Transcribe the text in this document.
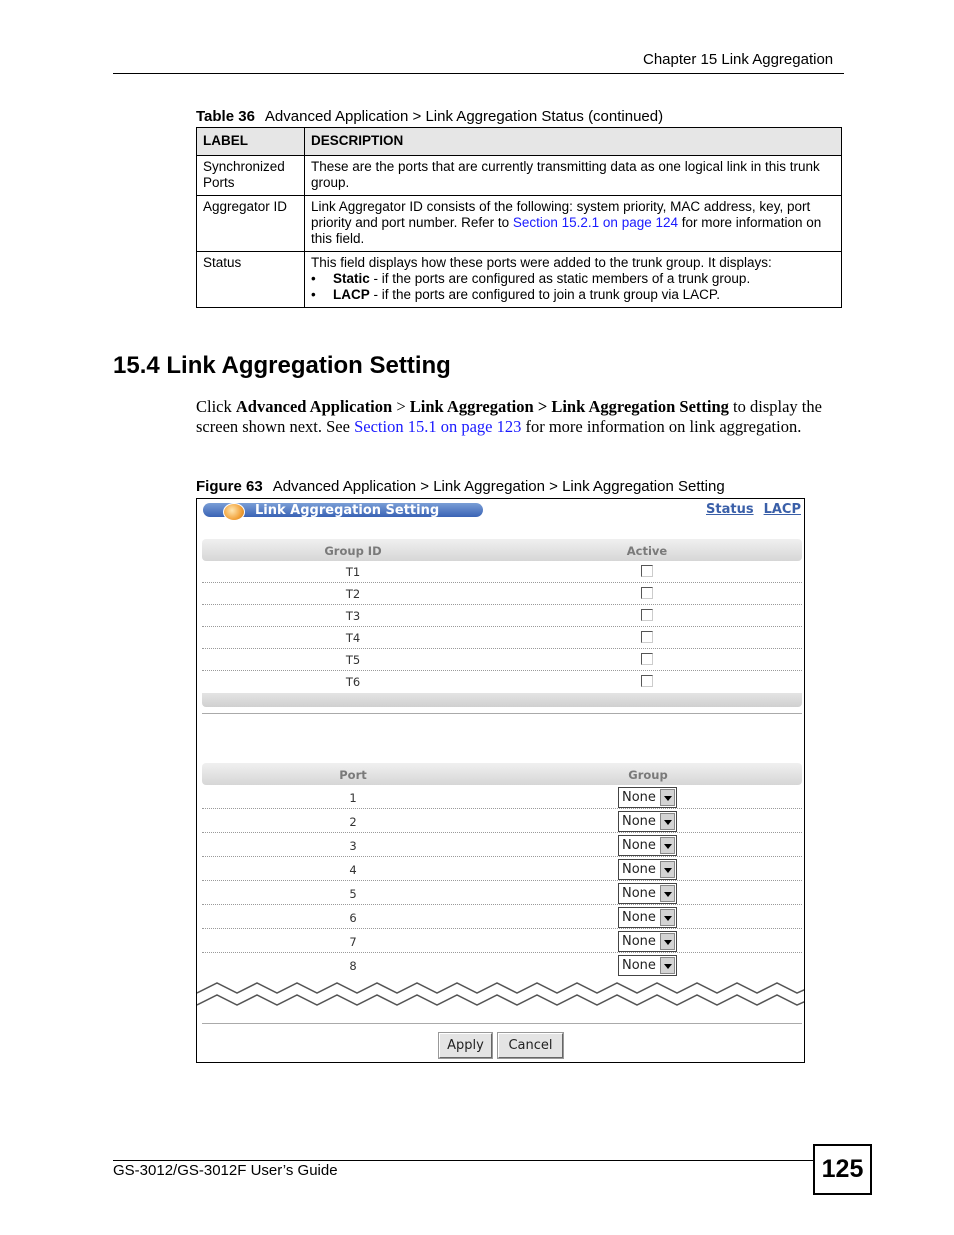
Chapter 15 Link Aggregation
Table 36 Advanced Application > Link Aggregation Status (continued)
LABEL	DESCRIPTION
Synchronized Ports	These are the ports that are currently transmitting data as one logical link in this trunk group.
Aggregator ID	Link Aggregator ID consists of the following: system priority, MAC address, key, port priority and port number. Refer to Section 15.2.1 on page 124 for more information on this field.
Status	This field displays how these ports were added to the trunk group. It displays:
• Static - if the ports are configured as static members of a trunk group.
• LACP - if the ports are configured to join a trunk group via LACP.
15.4 Link Aggregation Setting
Click Advanced Application > Link Aggregation > Link Aggregation Setting to display the screen shown next. See Section 15.1 on page 123 for more information on link aggregation.
Figure 63 Advanced Application > Link Aggregation > Link Aggregation Setting
Link Aggregation Setting	Status LACP
Group ID	Active
T1
T2
T3
T4
T5
T6
Port	Group
1	None
2	None
3	None
4	None
5	None
6	None
7	None
8	None
Apply	Cancel
GS-3012/GS-3012F User’s Guide	125
